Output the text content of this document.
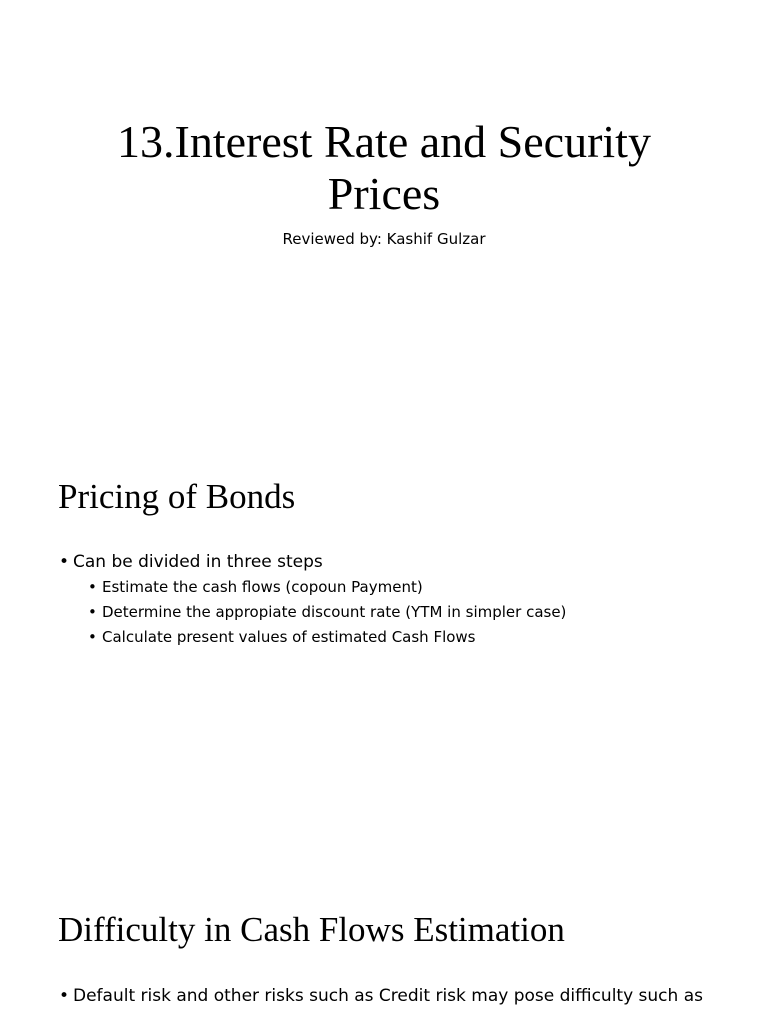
13.Interest Rate and Security Prices

Reviewed by: Kashif Gulzar

Pricing of Bonds
• Can be divided in three steps
• Estimate the cash flows (copoun Payment)
• Determine the appropiate discount rate (YTM in simpler case)
• Calculate present values of estimated Cash Flows
Difficulty in Cash Flows Estimation
• Default risk and other risks such as Credit risk may pose difficulty such as
